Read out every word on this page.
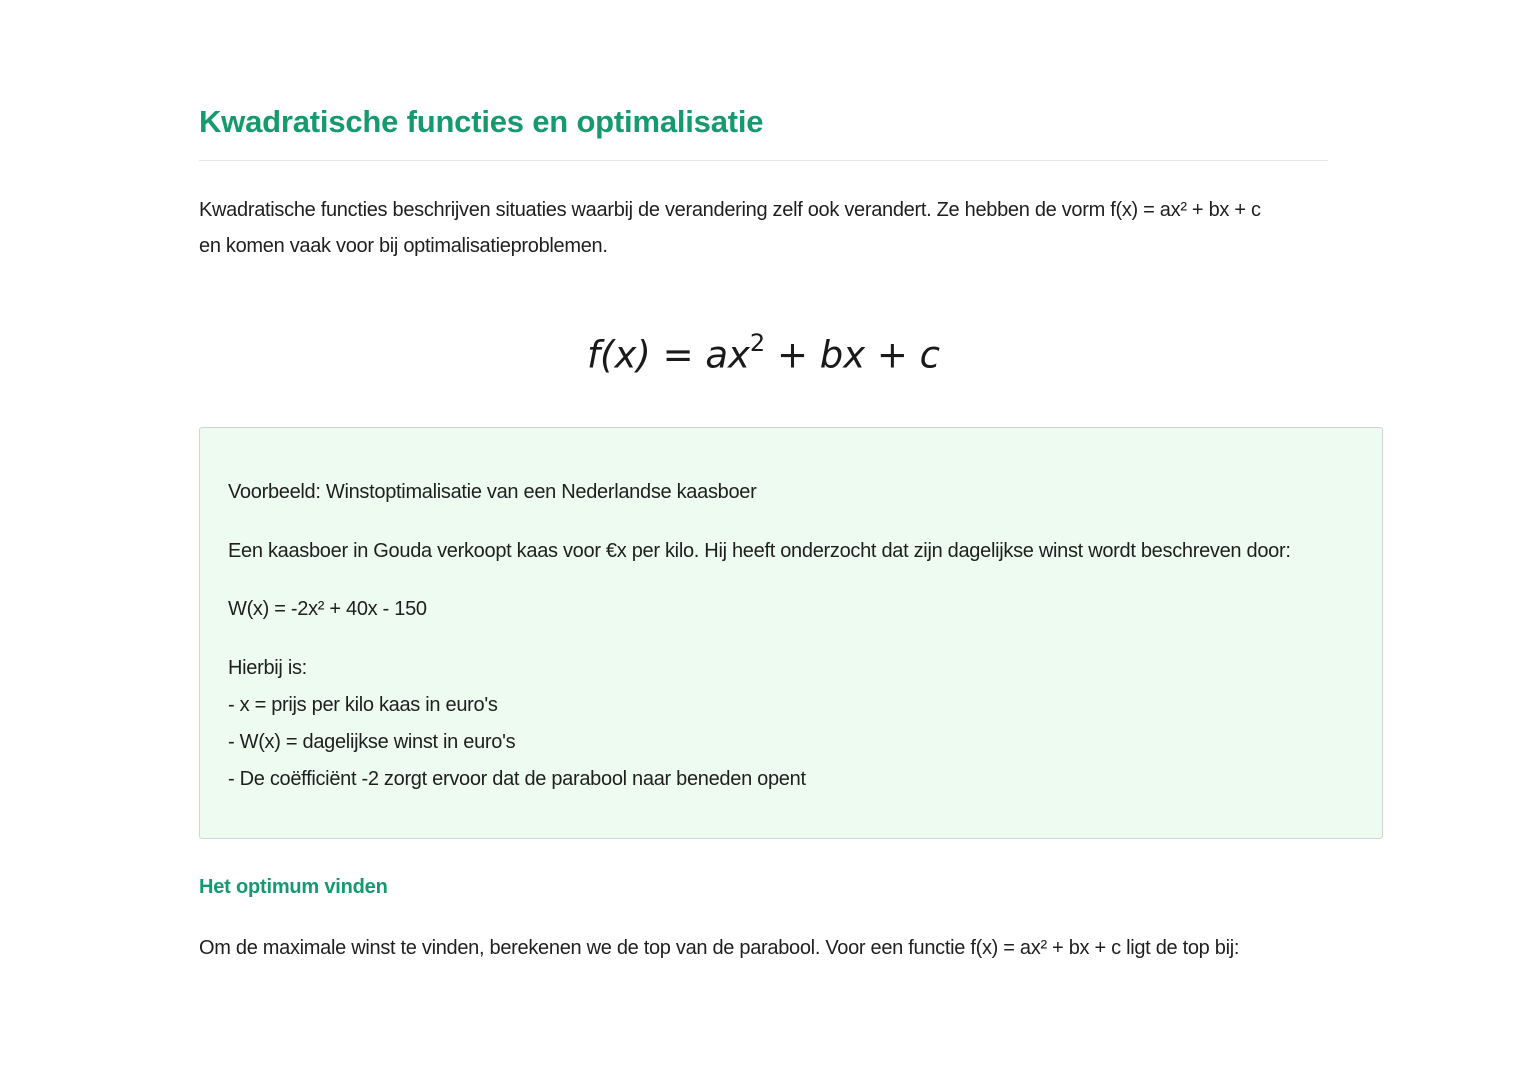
Kwadratische functies en optimalisatie

Kwadratische functies beschrijven situaties waarbij de verandering zelf ook verandert. Ze hebben de vorm f(x) = ax² + bx + c
en komen vaak voor bij optimalisatieproblemen.

$f(x) = ax^2$ + bx + c

Voorbeeld: Winstoptimalisatie van een Nederlandse kaasboer

Een kaasboer in Gouda verkoopt kaas voor €x per kilo. Hij heeft onderzocht dat zijn dagelijkse winst wordt beschreven door:

W(x) = -2x² + 40x - 150

Hierbij is:

- x = prijs per kilo kaas in euro's

- W(x) = dagelijkse winst in euro's

- De coëfficiënt -2 zorgt ervoor dat de parabool naar beneden opent

Het optimum vinden

Om de maximale winst te vinden, berekenen we de top van de parabool. Voor een functie f(x) = ax² + bx + c ligt de top bij:
